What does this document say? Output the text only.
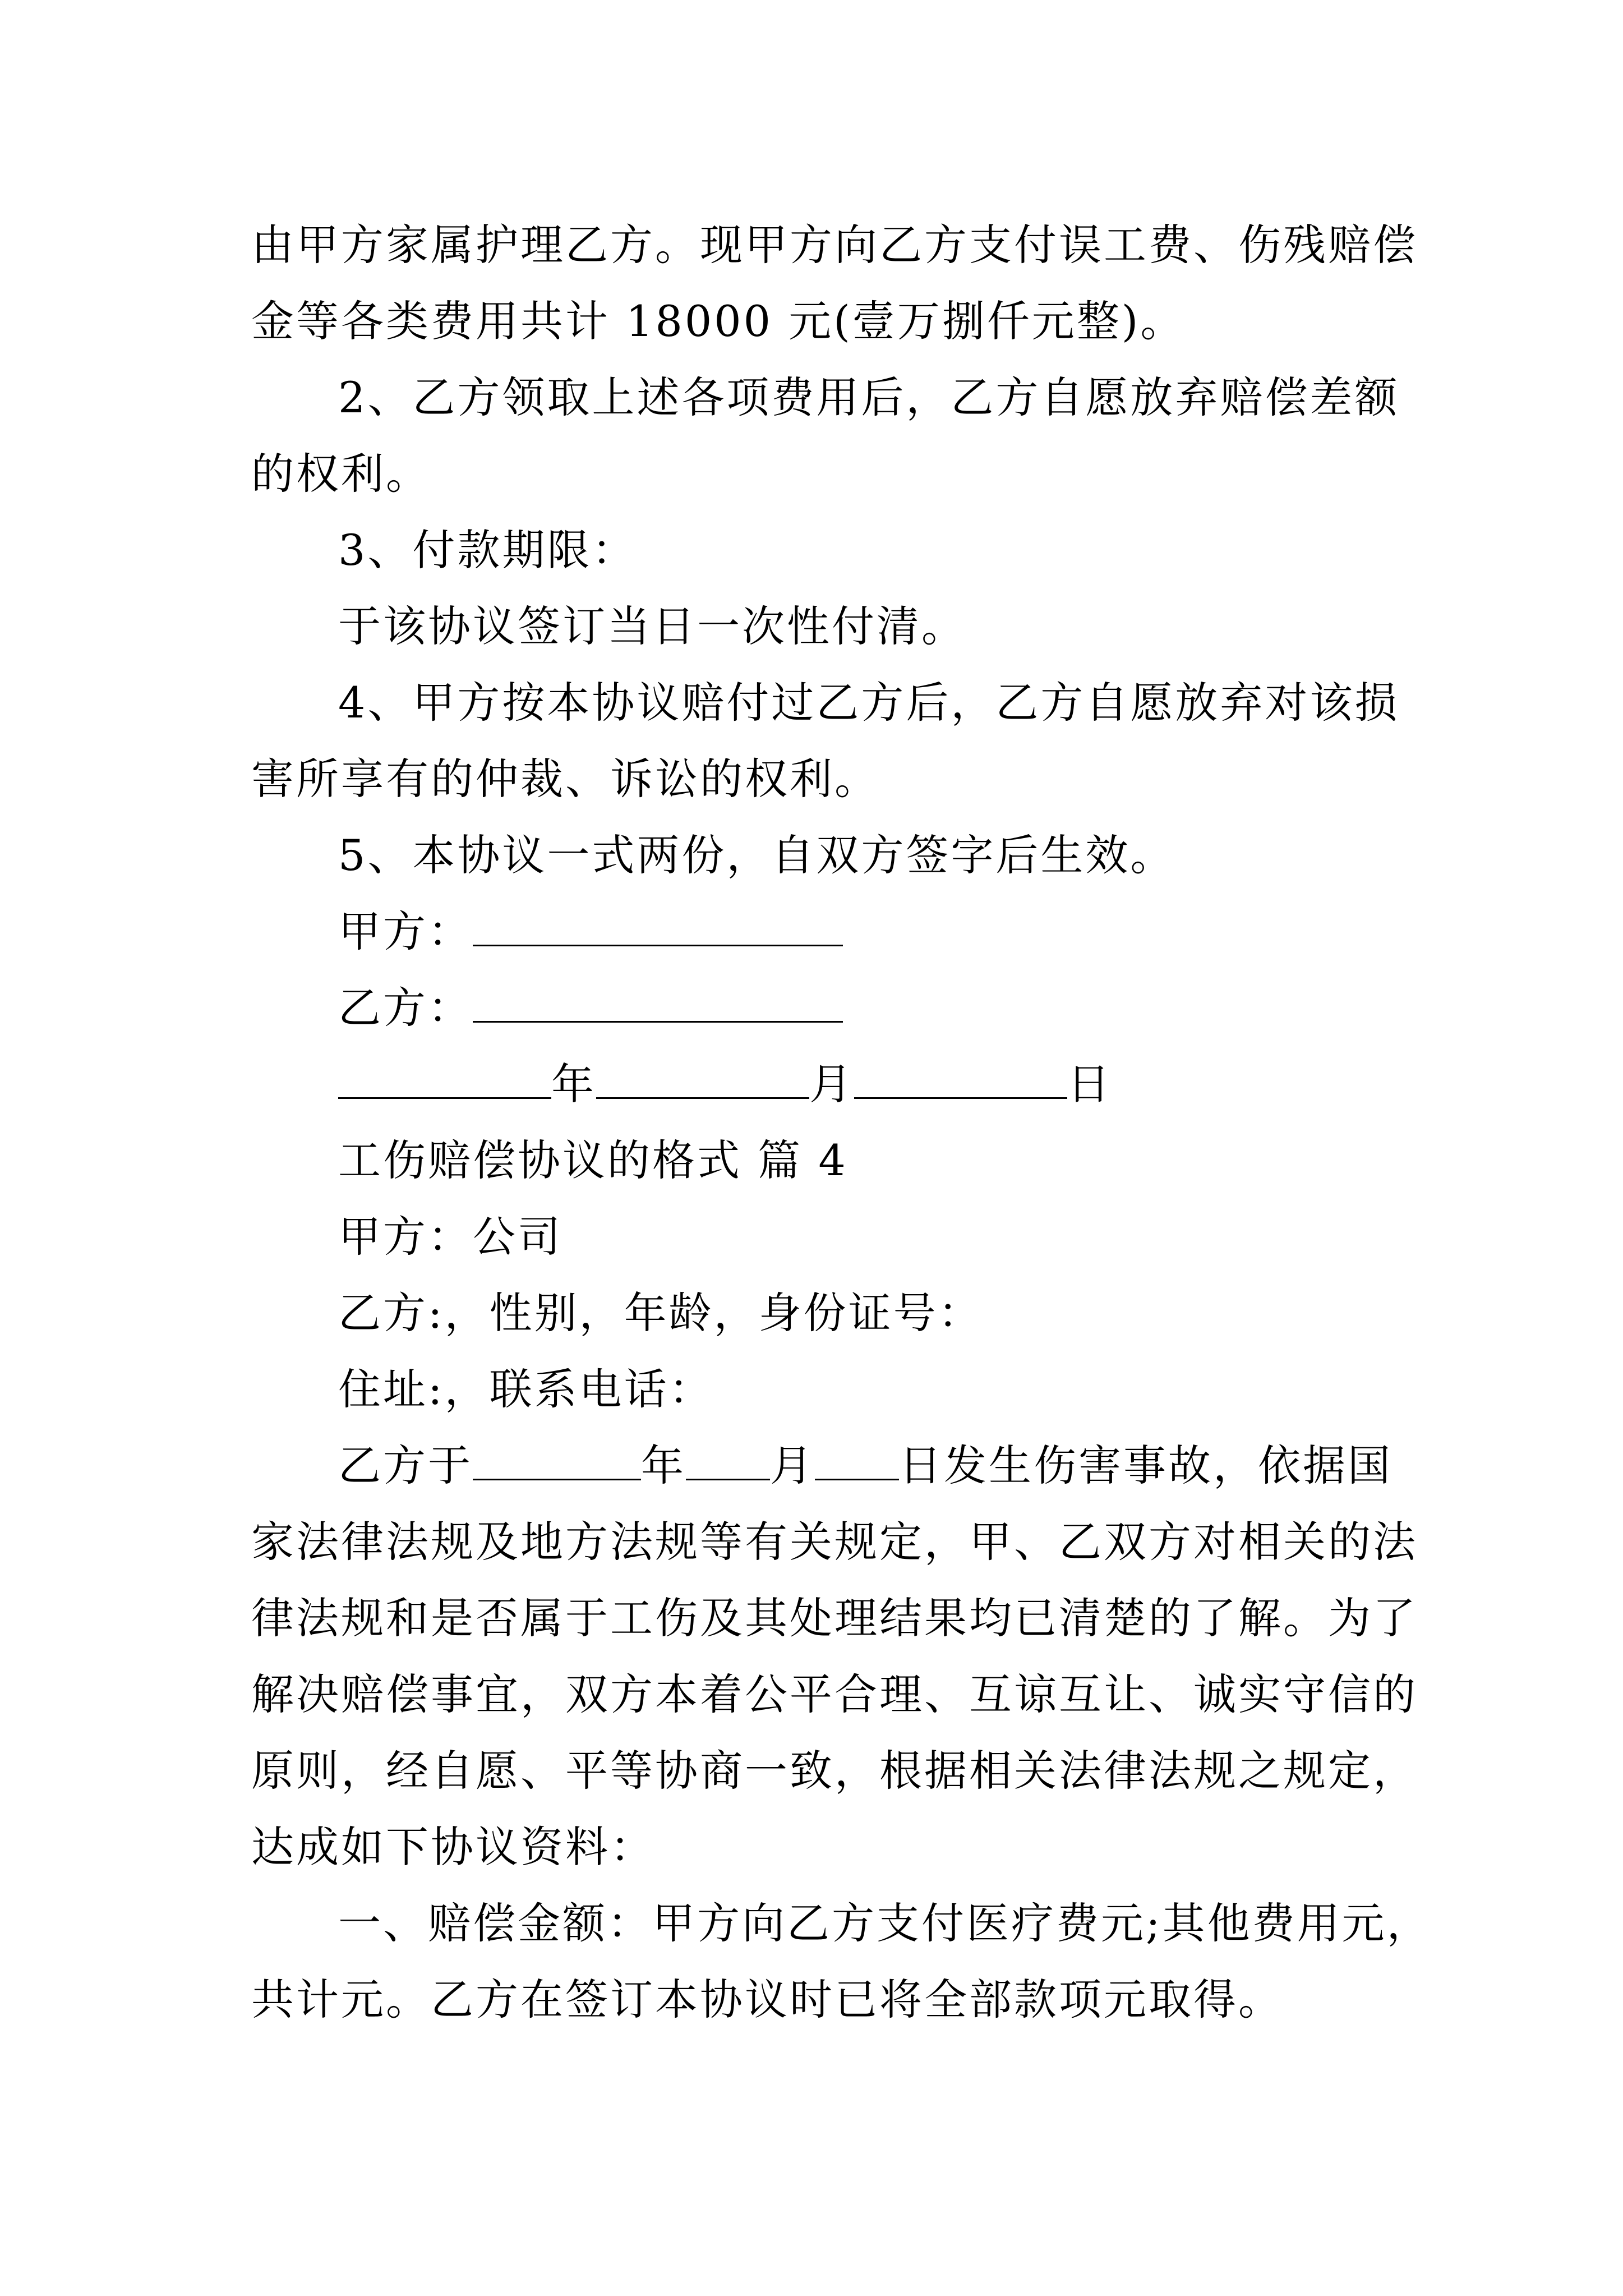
由甲方家属护理乙方。现甲方向乙方支付误工费、伤残赔偿
金等各类费用共计 18000 元(壹万捌仟元整)。
2、乙方领取上述各项费用后，乙方自愿放弃赔偿差额
的权利。
3、付款期限：
于该协议签订当日一次性付清。
4、甲方按本协议赔付过乙方后，乙方自愿放弃对该损
害所享有的仲裁、诉讼的权利。
5、本协议一式两份，自双方签字后生效。
甲方：
乙方：
年	月	日
工伤赔偿协议的格式 篇 4
甲方：公司
乙方:，性别，年龄，身份证号：
住址:，联系电话：
乙方于	年 月 日发生伤害事故，依据国
家法律法规及地方法规等有关规定，甲、乙双方对相关的法
律法规和是否属于工伤及其处理结果均已清楚的了解。为了
解决赔偿事宜，双方本着公平合理、互谅互让、诚实守信的
原则，经自愿、平等协商一致，根据相关法律法规之规定，
达成如下协议资料：
一、赔偿金额：甲方向乙方支付医疗费元;其他费用元，
共计元。乙方在签订本协议时已将全部款项元取得。
